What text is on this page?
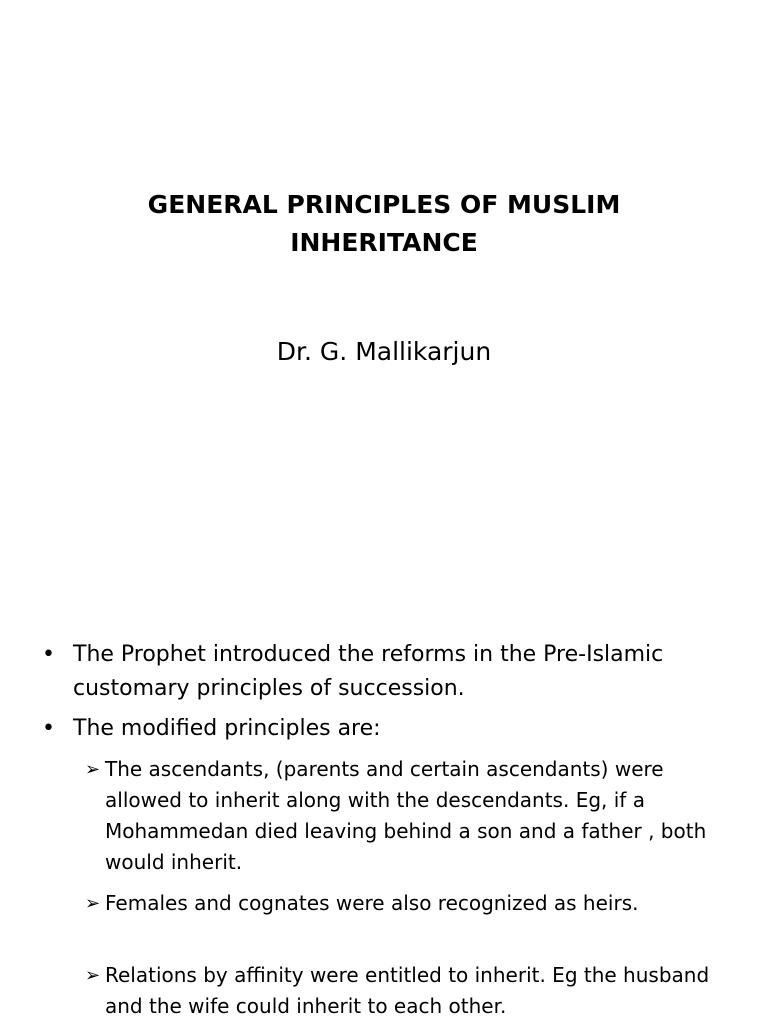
GENERAL PRINCIPLES OF MUSLIM INHERITANCE
Dr. G. Mallikarjun
• The Prophet introduced the reforms in the Pre-Islamic customary principles of succession.
• The modified principles are:
➢ The ascendants, (parents and certain ascendants) were allowed to inherit along with the descendants. Eg, if a Mohammedan died leaving behind a son and a father , both would inherit.
➢ Females and cognates were also recognized as heirs.
➢ Relations by affinity were entitled to inherit. Eg the husband and the wife could inherit to each other.
